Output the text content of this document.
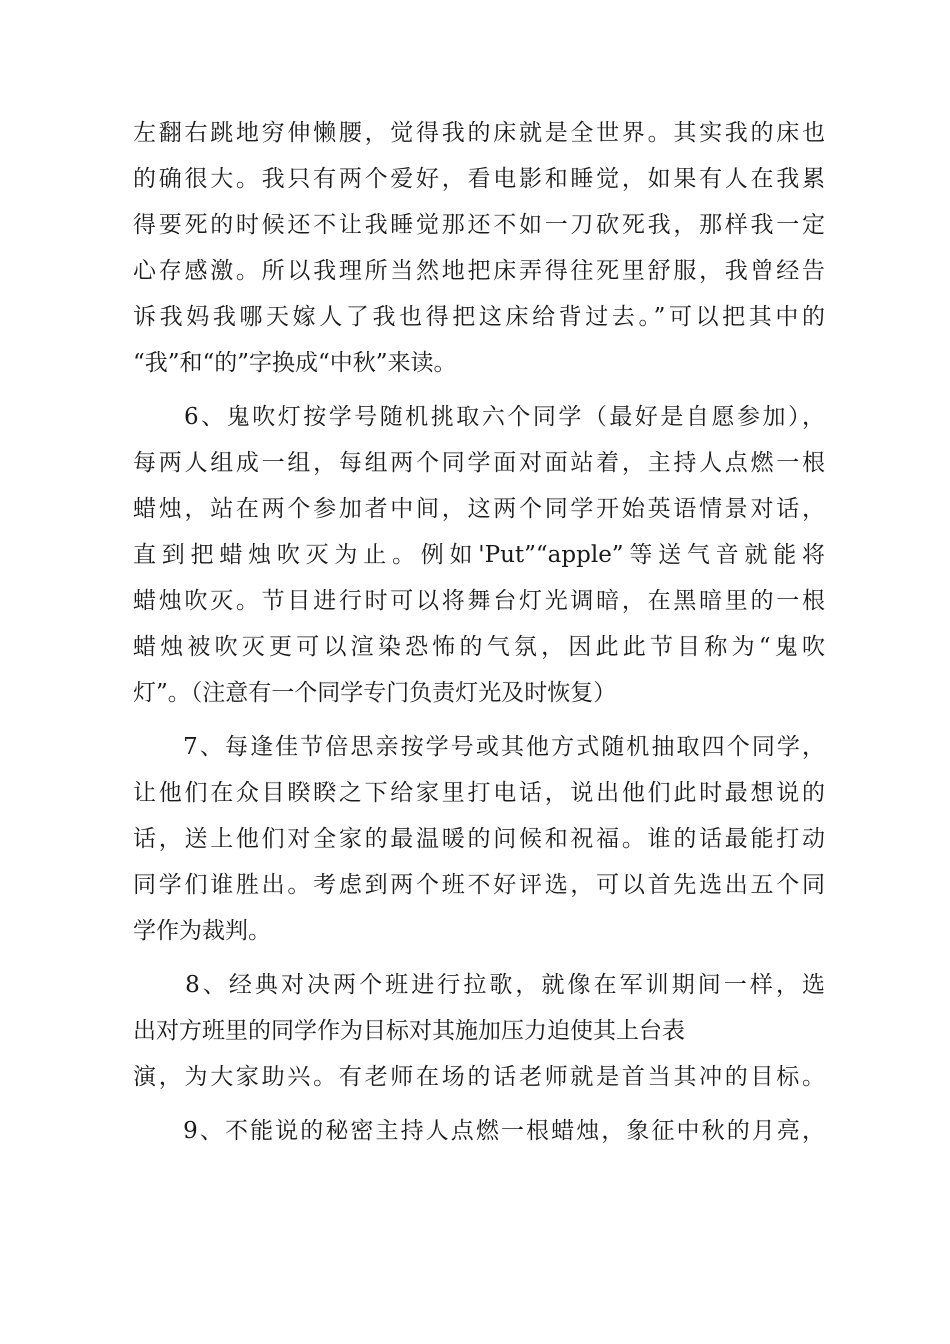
左翻右跳地穷伸懒腰，觉得我的床就是全世界。其实我的床也
的确很大。我只有两个爱好，看电影和睡觉，如果有人在我累
得要死的时候还不让我睡觉那还不如一刀砍死我，那样我一定
心存感激。所以我理所当然地把床弄得往死里舒服，我曾经告
诉我妈我哪天嫁人了我也得把这床给背过去。”可以把其中的
“我”和“的”字换成“中秋”来读。
　　6、鬼吹灯按学号随机挑取六个同学（最好是自愿参加），
每两人组成一组，每组两个同学面对面站着，主持人点燃一根
蜡烛，站在两个参加者中间，这两个同学开始英语情景对话，
直到把蜡烛吹灭为止。例如'Put”“apple”等送气音就能将
蜡烛吹灭。节目进行时可以将舞台灯光调暗，在黑暗里的一根
蜡烛被吹灭更可以渲染恐怖的气氛，因此此节目称为“鬼吹
灯”。（注意有一个同学专门负责灯光及时恢复）
　　7、每逢佳节倍思亲按学号或其他方式随机抽取四个同学，
让他们在众目睽睽之下给家里打电话，说出他们此时最想说的
话，送上他们对全家的最温暖的问候和祝福。谁的话最能打动
同学们谁胜出。考虑到两个班不好评选，可以首先选出五个同
学作为裁判。
　　8、经典对决两个班进行拉歌，就像在军训期间一样，选
出对方班里的同学作为目标对其施加压力迫使其上台表
演，为大家助兴。有老师在场的话老师就是首当其冲的目标。
　　9、不能说的秘密主持人点燃一根蜡烛，象征中秋的月亮，
